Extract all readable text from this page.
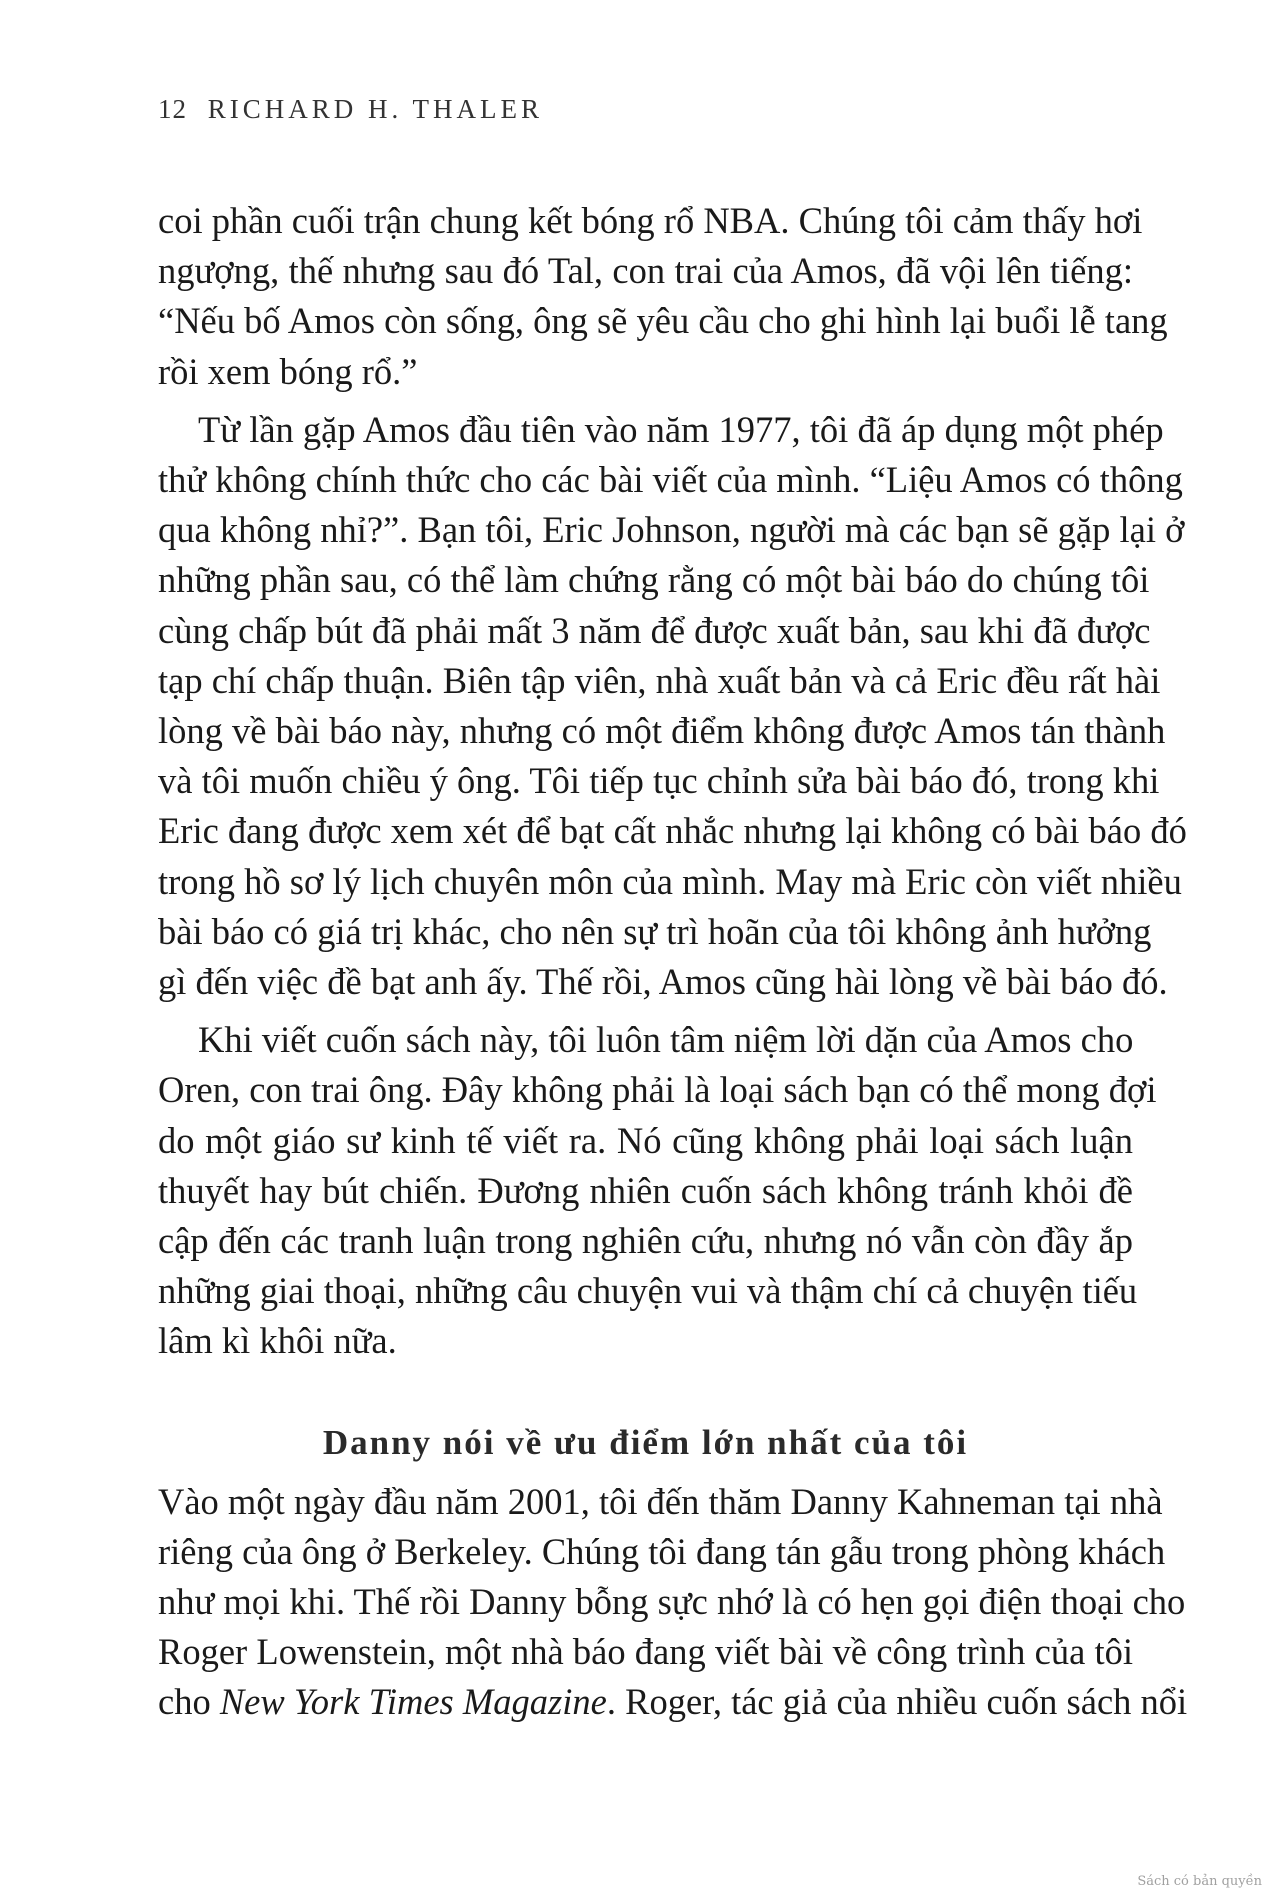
12 RICHARD H. THALER
coi phần cuối trận chung kết bóng rổ NBA. Chúng tôi cảm thấy hơi
ngượng, thế nhưng sau đó Tal, con trai của Amos, đã vội lên tiếng:
“Nếu bố Amos còn sống, ông sẽ yêu cầu cho ghi hình lại buổi lễ tang
rồi xem bóng rổ.”
Từ lần gặp Amos đầu tiên vào năm 1977, tôi đã áp dụng một phép
thử không chính thức cho các bài viết của mình. “Liệu Amos có thông
qua không nhỉ?”. Bạn tôi, Eric Johnson, người mà các bạn sẽ gặp lại ở
những phần sau, có thể làm chứng rằng có một bài báo do chúng tôi
cùng chấp bút đã phải mất 3 năm để được xuất bản, sau khi đã được
tạp chí chấp thuận. Biên tập viên, nhà xuất bản và cả Eric đều rất hài
lòng về bài báo này, nhưng có một điểm không được Amos tán thành
và tôi muốn chiều ý ông. Tôi tiếp tục chỉnh sửa bài báo đó, trong khi
Eric đang được xem xét để bạt cất nhắc nhưng lại không có bài báo đó
trong hồ sơ lý lịch chuyên môn của mình. May mà Eric còn viết nhiều
bài báo có giá trị khác, cho nên sự trì hoãn của tôi không ảnh hưởng
gì đến việc đề bạt anh ấy. Thế rồi, Amos cũng hài lòng về bài báo đó.
Khi viết cuốn sách này, tôi luôn tâm niệm lời dặn của Amos cho
Oren, con trai ông. Đây không phải là loại sách bạn có thể mong đợi
do một giáo sư kinh tế viết ra. Nó cũng không phải loại sách luận
thuyết hay bút chiến. Đương nhiên cuốn sách không tránh khỏi đề
cập đến các tranh luận trong nghiên cứu, nhưng nó vẫn còn đầy ắp
những giai thoại, những câu chuyện vui và thậm chí cả chuyện tiếu
lâm kì khôi nữa.
Danny nói về ưu điểm lớn nhất của tôi
Vào một ngày đầu năm 2001, tôi đến thăm Danny Kahneman tại nhà
riêng của ông ở Berkeley. Chúng tôi đang tán gẫu trong phòng khách
như mọi khi. Thế rồi Danny bỗng sực nhớ là có hẹn gọi điện thoại cho
Roger Lowenstein, một nhà báo đang viết bài về công trình của tôi
cho New York Times Magazine. Roger, tác giả của nhiều cuốn sách nổi
Sách có bản quyền
